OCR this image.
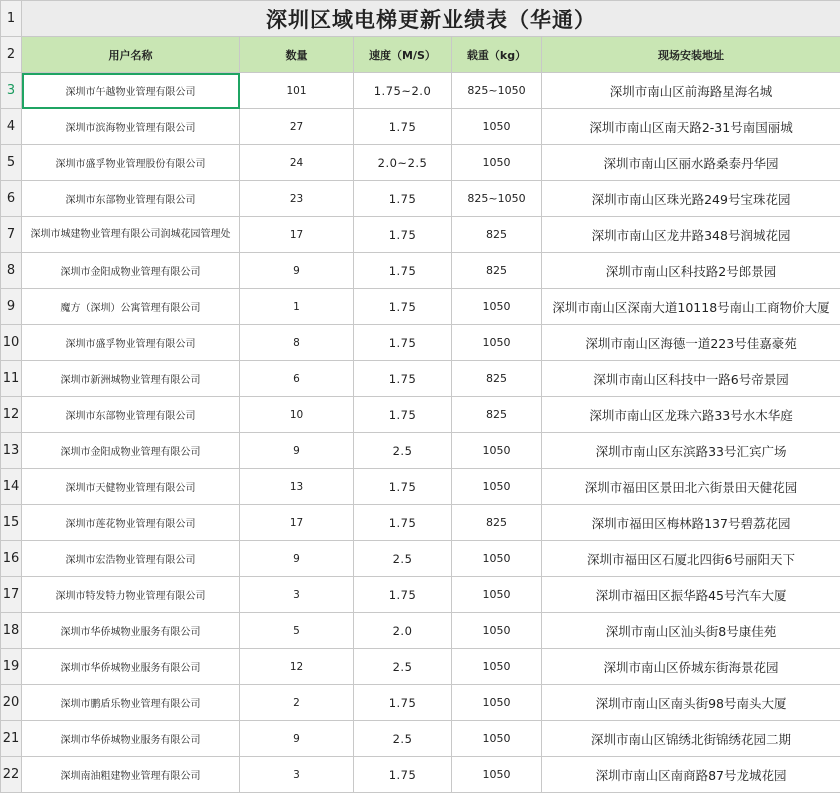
1	深圳区域电梯更新业绩表（华通）				
2	用户名称	数量	速度（M/S）	载重（kg）	现场安装地址
3	深圳市午越物业管理有限公司	101	1.75~2.0	825~1050	深圳市南山区前海路星海名城
4	深圳市滨海物业管理有限公司	27	1.75	1050	深圳市南山区南天路2-31号南国丽城
5	深圳市盛孚物业管理股份有限公司	24	2.0~2.5	1050	深圳市南山区丽水路桑泰丹华园
6	深圳市东部物业管理有限公司	23	1.75	825~1050	深圳市南山区珠光路249号宝珠花园
7	深圳市城建物业管理有限公司润城花园管理处	17	1.75	825	深圳市南山区龙井路348号润城花园
8	深圳市金阳成物业管理有限公司	9	1.75	825	深圳市南山区科技路2号郎景园
9	魔方（深圳）公寓管理有限公司	1	1.75	1050	深圳市南山区深南大道10118号南山工商物价大厦
10	深圳市盛孚物业管理有限公司	8	1.75	1050	深圳市南山区海德一道223号佳嘉豪苑
11	深圳市新洲城物业管理有限公司	6	1.75	825	深圳市南山区科技中一路6号帝景园
12	深圳市东部物业管理有限公司	10	1.75	825	深圳市南山区龙珠六路33号水木华庭
13	深圳市金阳成物业管理有限公司	9	2.5	1050	深圳市南山区东滨路33号汇宾广场
14	深圳市天健物业管理有限公司	13	1.75	1050	深圳市福田区景田北六街景田天健花园
15	深圳市莲花物业管理有限公司	17	1.75	825	深圳市福田区梅林路137号碧荔花园
16	深圳市宏浩物业管理有限公司	9	2.5	1050	深圳市福田区石厦北四街6号丽阳天下
17	深圳市特发特力物业管理有限公司	3	1.75	1050	深圳市福田区振华路45号汽车大厦
18	深圳市华侨城物业服务有限公司	5	2.0	1050	深圳市南山区汕头街8号康佳苑
19	深圳市华侨城物业服务有限公司	12	2.5	1050	深圳市南山区侨城东街海景花园
20	深圳市鹏盾乐物业管理有限公司	2	1.75	1050	深圳市南山区南头街98号南头大厦
21	深圳市华侨城物业服务有限公司	9	2.5	1050	深圳市南山区锦绣北街锦绣花园二期
22	深圳南油粗建物业管理有限公司	3	1.75	1050	深圳市南山区南商路87号龙城花园
